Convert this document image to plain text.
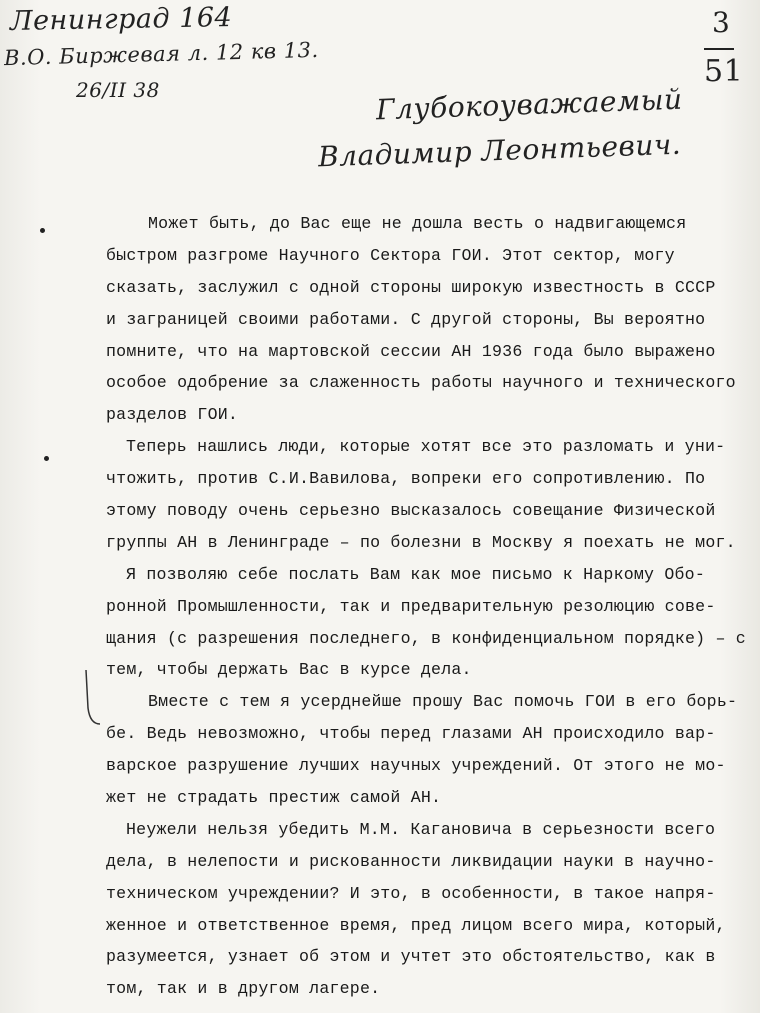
Ленинград 164
В.О. Биржевая л. 12 кв 13.
26/II 38
3
51
Глубокоуважаемый
Владимир Леонтьевич.
Может быть, до Вас еще не дошла весть о надвигающемся
быстром разгроме Научного Сектора ГОИ. Этот сектор, могу
сказать, заслужил с одной стороны широкую известность в СССР
и заграницей своими работами. С другой стороны, Вы вероятно
помните, что на мартовской сессии АН 1936 года было выражено
особое одобрение за слаженность работы научного и технического
разделов ГОИ.
Теперь нашлись люди, которые хотят все это разломать и уни-
чтожить, против С.И.Вавилова, вопреки его сопротивлению. По
этому поводу очень серьезно высказалось совещание Физической
группы АН в Ленинграде – по болезни в Москву я поехать не мог.
Я позволяю себе послать Вам как мое письмо к Наркому Обо-
ронной Промышленности, так и предварительную резолюцию сове-
щания (с разрешения последнего, в конфиденциальном порядке) – с
тем, чтобы держать Вас в курсе дела.
Вместе с тем я усерднейше прошу Вас помочь ГОИ в его борь-
бе. Ведь невозможно, чтобы перед глазами АН происходило вар-
варское разрушение лучших научных учреждений. От этого не мо-
жет не страдать престиж самой АН.
Неужели нельзя убедить М.М. Кагановича в серьезности всего
дела, в нелепости и рискованности ликвидации науки в научно-
техническом учреждении? И это, в особенности, в такое напря-
женное и ответственное время, пред лицом всего мира, который,
разумеется, узнает об этом и учтет это обстоятельство, как в
том, так и в другом лагере.
